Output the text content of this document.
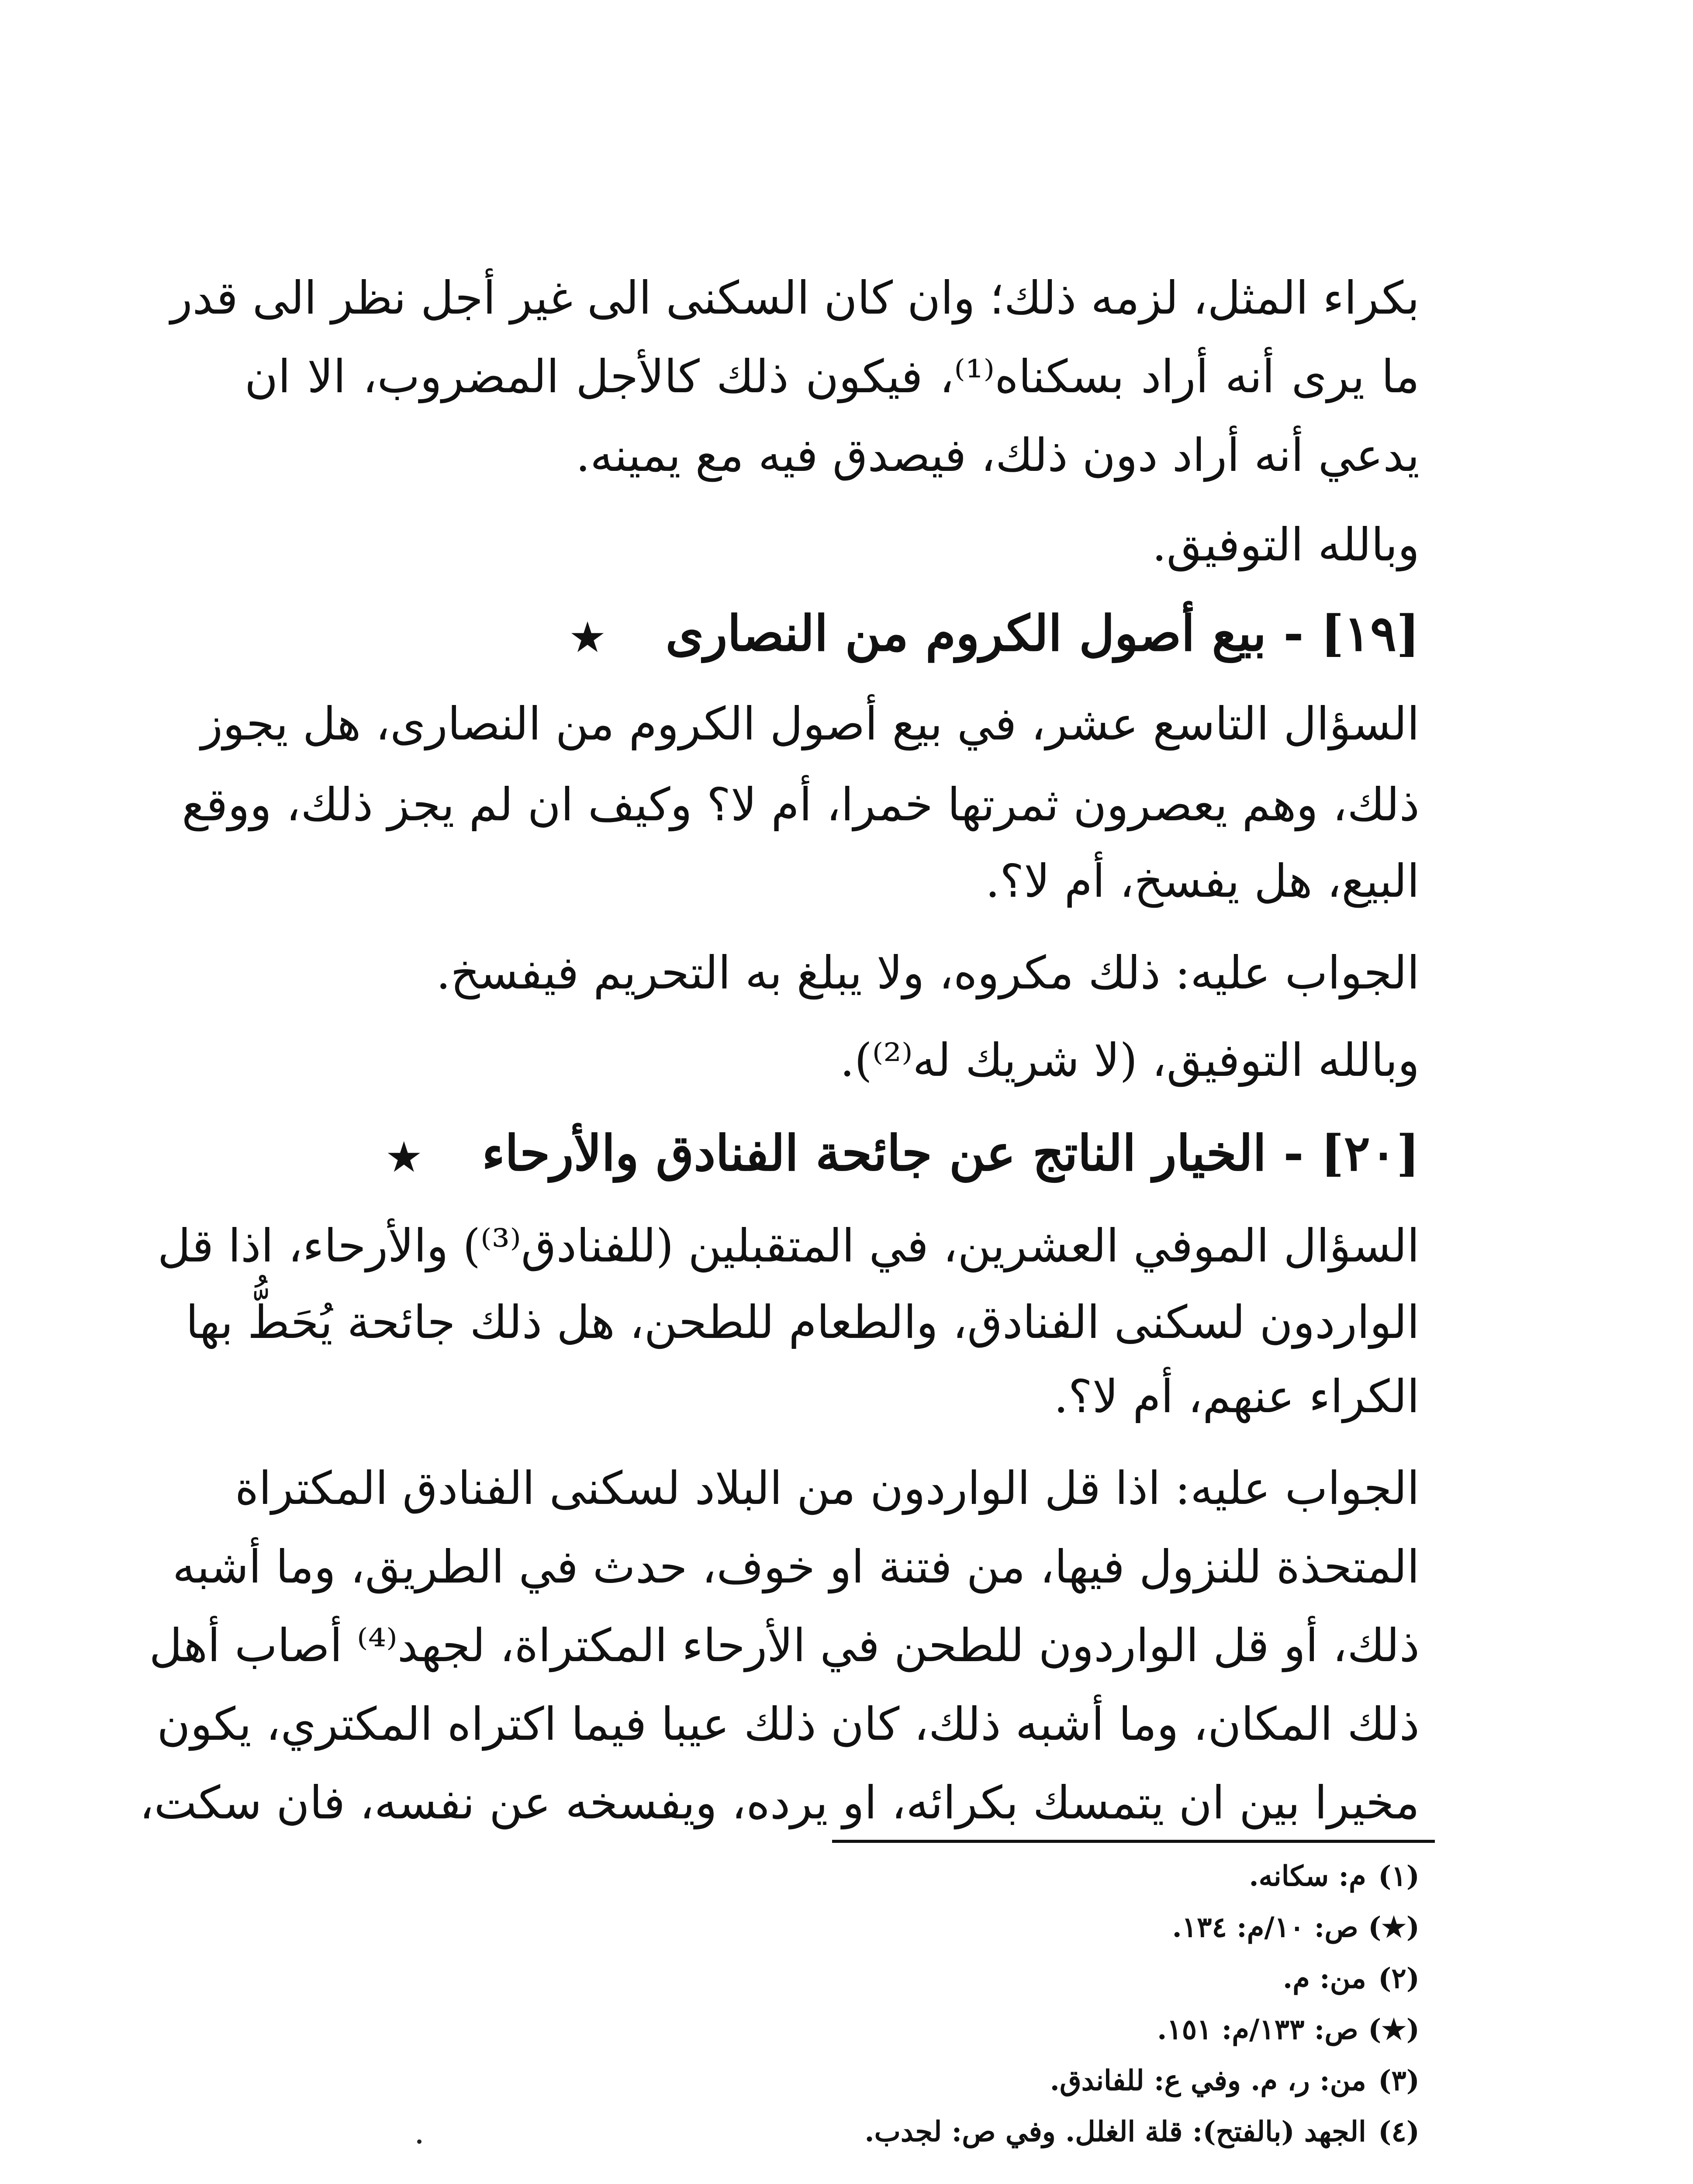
بكراء المثل، لزمه ذلك؛ وان كان السكنى الى غير أجل نظر الى قدر
ما يرى أنه أراد بسكناه⁽¹⁾، فيكون ذلك كالأجل المضروب، الا ان
يدعي أنه أراد دون ذلك، فيصدق فيه مع يمينه.
وبالله التوفيق.
[١٩] - بيع أصول الكروم من النصارى★
السؤال التاسع عشر، في بيع أصول الكروم من النصارى، هل يجوز
ذلك، وهم يعصرون ثمرتها خمرا، أم لا؟ وكيف ان لم يجز ذلك، ووقع
البيع، هل يفسخ، أم لا؟.
الجواب عليه: ذلك مكروه، ولا يبلغ به التحريم فيفسخ.
وبالله التوفيق، (لا شريك له⁽²⁾).
[٢٠] - الخيار الناتج عن جائحة الفنادق والأرحاء★
السؤال الموفي العشرين، في المتقبلين (للفنادق⁽³⁾) والأرحاء، اذا قل
الواردون لسكنى الفنادق، والطعام للطحن، هل ذلك جائحة يُحَطُّ بها
الكراء عنهم، أم لا؟.
الجواب عليه: اذا قل الواردون من البلاد لسكنى الفنادق المكتراة
المتحذة للنزول فيها، من فتنة او خوف، حدث في الطريق، وما أشبه
ذلك، أو قل الواردون للطحن في الأرحاء المكتراة، لجهد⁽⁴⁾ أصاب أهل
ذلك المكان، وما أشبه ذلك، كان ذلك عيبا فيما اكتراه المكتري، يكون
مخيرا بين ان يتمسك بكرائه، او يرده، ويفسخه عن نفسه، فان سكت،
(١) م: سكانه.
(★) ص: ١٠/م: ١٣٤.
(٢) من: م.
(★) ص: ١٣٣/م: ١٥١.
(٣) من: ر، م. وفي ع: للفاندق.
(٤) الجهد (بالفتح): قلة الغلل. وفي ص: لجدب.
